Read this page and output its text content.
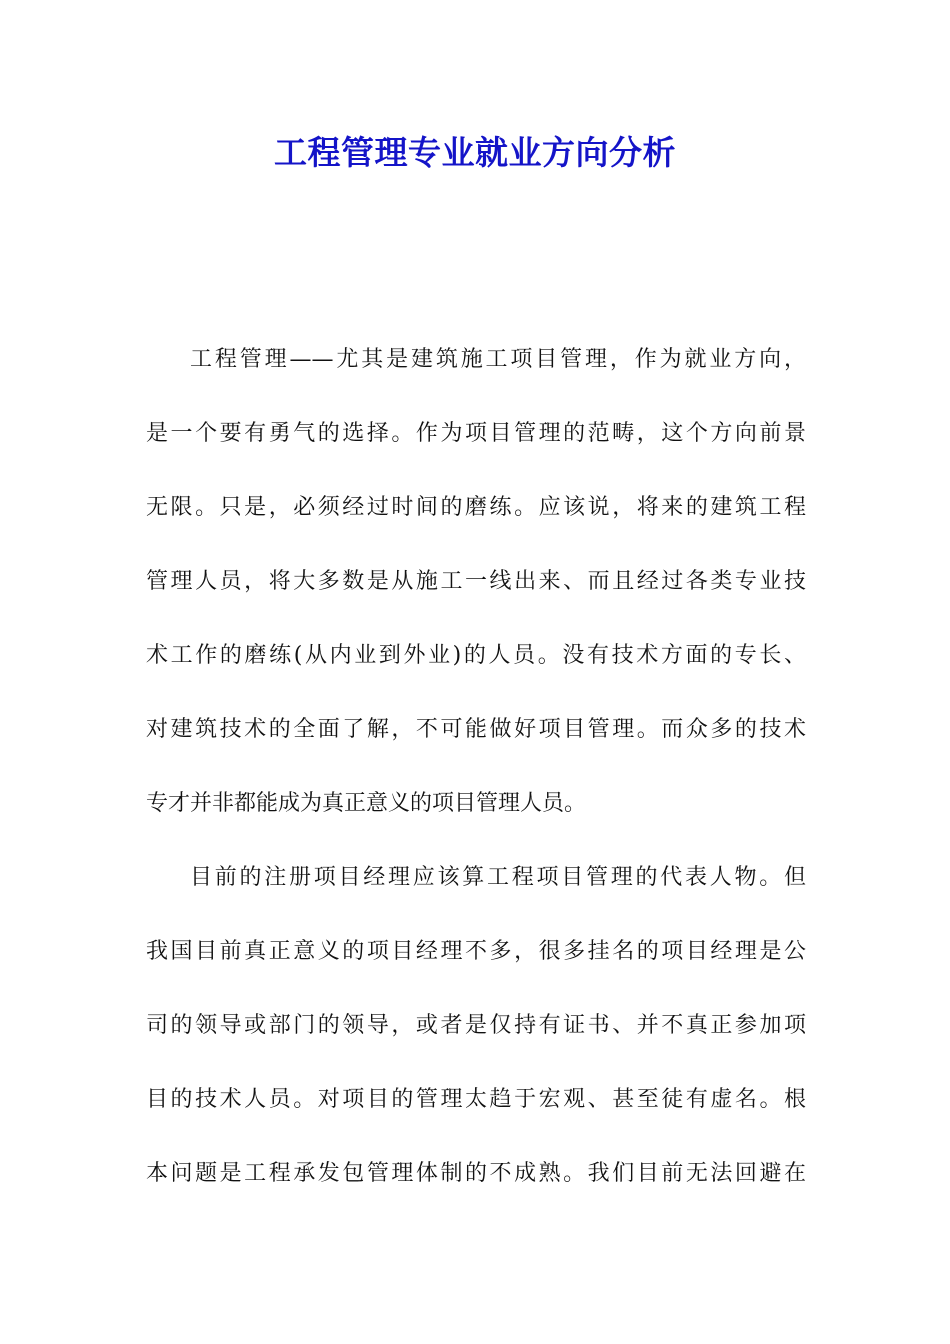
工程管理专业就业方向分析
工程管理——尤其是建筑施工项目管理，作为就业方向，
是一个要有勇气的选择。作为项目管理的范畴，这个方向前景
无限。只是，必须经过时间的磨练。应该说，将来的建筑工程
管理人员，将大多数是从施工一线出来、而且经过各类专业技
术工作的磨练(从内业到外业)的人员。没有技术方面的专长、
对建筑技术的全面了解，不可能做好项目管理。而众多的技术
专才并非都能成为真正意义的项目管理人员。
目前的注册项目经理应该算工程项目管理的代表人物。但
我国目前真正意义的项目经理不多，很多挂名的项目经理是公
司的领导或部门的领导，或者是仅持有证书、并不真正参加项
目的技术人员。对项目的管理太趋于宏观、甚至徒有虚名。根
本问题是工程承发包管理体制的不成熟。我们目前无法回避在
